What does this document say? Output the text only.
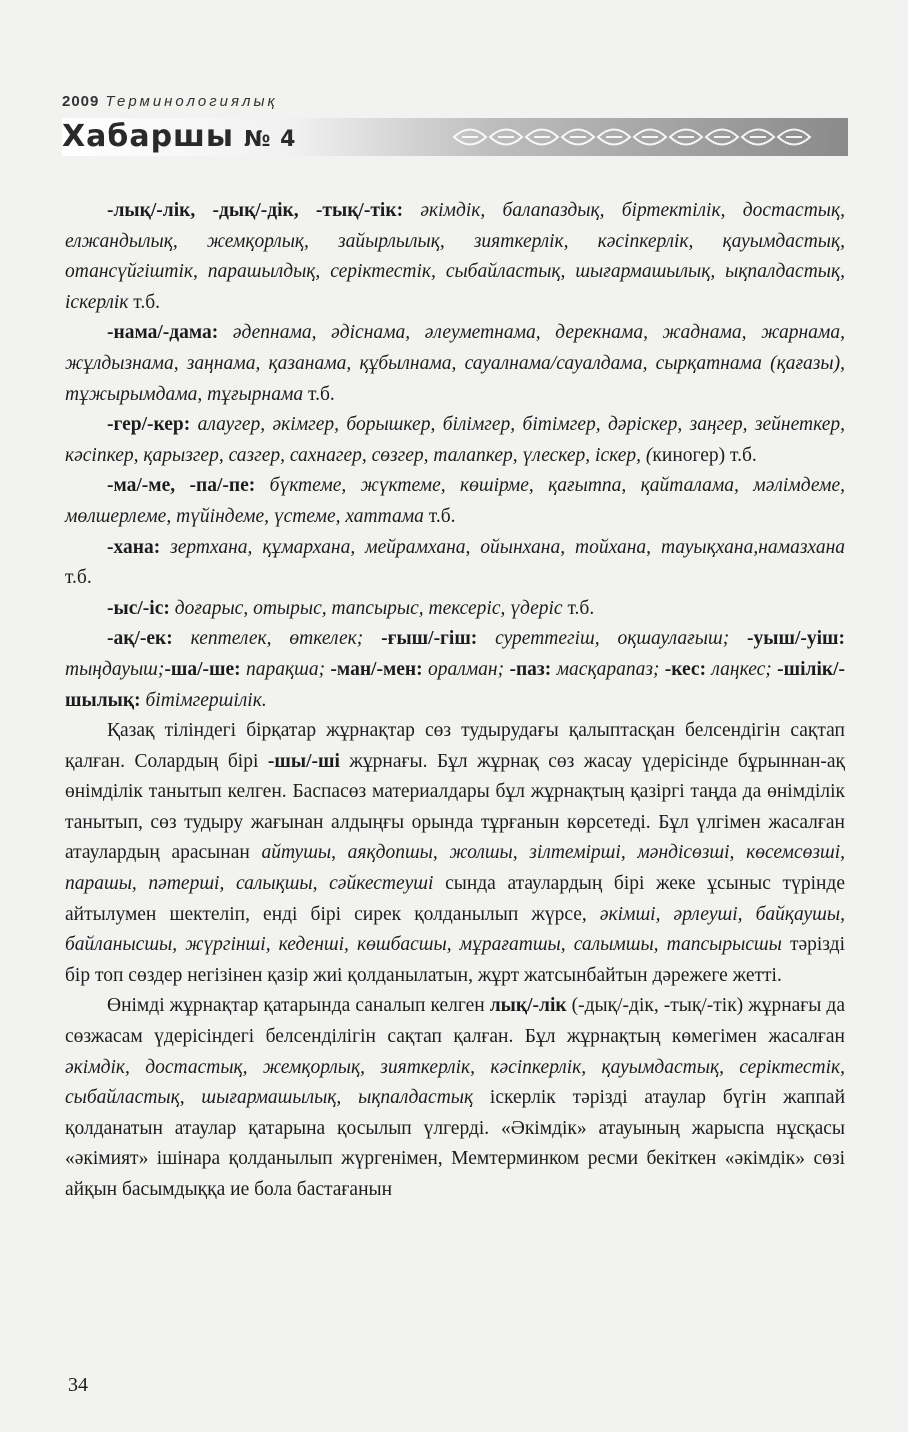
2009 Терминологиялық
Хабаршы № 4

-лық/-лік, -дық/-дік, -тық/-тік: әкімдік, балапаздық, біртектілік, достастық, елжандылық, жемқорлық, зайырлылық, зияткерлік, кәсіпкерлік, қауымдастық, отансүйгіштік, парашылдық, серіктестік, сыбайластық, шығармашылық, ықпалдастық, іскерлік т.б.

-нама/-дама: әдепнама, әдіснама, әлеуметнама, дерекнама, жаднама, жарнама, жұлдызнама, заңнама, қазанама, құбылнама, сауалнама/сауалдама, сырқатнама (қағазы), тұжырымдама, тұғырнама т.б.

-гер/-кер: алаугер, әкімгер, борышкер, білімгер, бітімгер, дәріскер, заңгер, зейнеткер, кәсіпкер, қарызгер, сазгер, сахнагер, сөзгер, талапкер, үлескер, іскер, (киногер) т.б.

-ма/-ме, -па/-пе: бүктеме, жүктеме, көшірме, қағытпа, қайталама, мәлімдеме, мөлшерлеме, түйіндеме, үстеме, хаттама т.б.

-хана: зертхана, құмархана, мейрамхана, ойынхана, тойхана, тауықхана,намазхана т.б.

-ыс/-іс: доғарыс, отырыс, тапсырыс, тексеріс, үдеріс т.б.

-ақ/-ек: кептелек, өткелек; -ғыш/-гіш: суреттегіш, оқшаулағыш; -уыш/-уіш: тыңдауыш;-ша/-ше: парақша; -ман/-мен: оралман; -паз: масқарапаз; -кес: лаңкес; -шілік/-шылық: бітімгершілік.

Қазақ тіліндегі бірқатар жұрнақтар сөз тудырудағы қалыптасқан белсендігін сақтап қалған. Солардың бірі -шы/-ші жұрнағы. Бұл жұрнақ сөз жасау үдерісінде бұрыннан-ақ өнімділік танытып келген. Баспасөз материалдары бұл жұрнақтың қазіргі таңда да өнімділік танытып, сөз тудыру жағынан алдыңғы орында тұрғанын көрсетеді. Бұл үлгімен жасалған атаулардың арасынан айтушы, аяқдопшы, жолшы, зілтемірші, мәндісөзші, көсемсөзші, парашы, пәтерші, салықшы, сәйкестеуші сында атаулардың бірі жеке ұсыныс түрінде айтылумен шектеліп, енді бірі сирек қолданылып жүрсе, әкімші, әрлеуші, байқаушы, байланысшы, жүргінші, кеденші, көшбасшы, мұрағатшы, салымшы, тапсырысшы тәрізді бір топ сөздер негізінен қазір жиі қолданылатын, жұрт жатсынбайтын дәрежеге жетті.

Өнімді жұрнақтар қатарында саналып келген лық/-лік (-дық/-дік, -тық/-тік) жұрнағы да сөзжасам үдерісіндегі белсенділігін сақтап қалған. Бұл жұрнақтың көмегімен жасалған әкімдік, достастық, жемқорлық, зияткерлік, кәсіпкерлік, қауымдастық, серіктестік, сыбайластық, шығармашылық, ықпалдастық іскерлік тәрізді атаулар бүгін жаппай қолданатын атаулар қатарына қосылып үлгерді. «Әкімдік» атауының жарыспа нұсқасы «әкімият» ішінара қолданылып жүргенімен, Мемтерминком ресми бекіткен «әкімдік» сөзі айқын басымдыққа ие бола бастағанын

34
